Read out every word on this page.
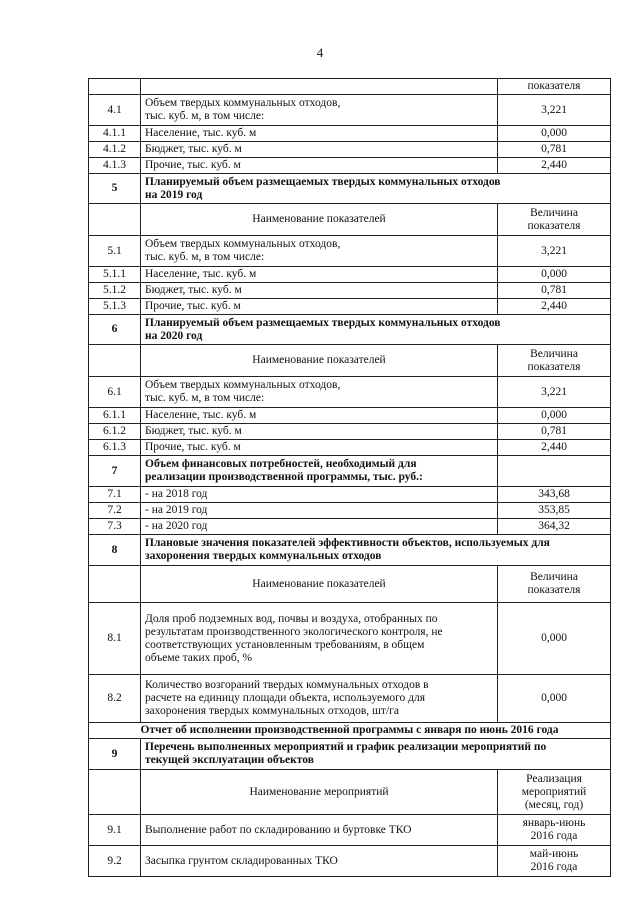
4
		показателя
4.1	Объем твердых коммунальных отходов,
тыс. куб. м, в том числе:	3,221
4.1.1	Население, тыс. куб. м	0,000
4.1.2	Бюджет, тыс. куб. м	0,781
4.1.3	Прочие, тыс. куб. м	2,440
5	Планируемый объем размещаемых твердых коммунальных отходов
на 2019 год	
	Наименование показателей	Величина
показателя
5.1	Объем твердых коммунальных отходов,
тыс. куб. м, в том числе:	3,221
5.1.1	Население, тыс. куб. м	0,000
5.1.2	Бюджет, тыс. куб. м	0,781
5.1.3	Прочие, тыс. куб. м	2,440
6	Планируемый объем размещаемых твердых коммунальных отходов
на 2020 год	
	Наименование показателей	Величина
показателя
6.1	Объем твердых коммунальных отходов,
тыс. куб. м, в том числе:	3,221
6.1.1	Население, тыс. куб. м	0,000
6.1.2	Бюджет, тыс. куб. м	0,781
6.1.3	Прочие, тыс. куб. м	2,440
7	Объем финансовых потребностей, необходимый для
реализации производственной программы, тыс. руб.:	
7.1	- на 2018 год	343,68
7.2	- на 2019 год	353,85
7.3	- на 2020 год	364,32
8	Плановые значения показателей эффективности объектов, используемых для
захоронения твердых коммунальных отходов	
	Наименование показателей	Величина
показателя
8.1	Доля проб подземных вод, почвы и воздуха, отобранных по
результатам производственного экологического контроля, не
соответствующих установленным требованиям, в общем
объеме таких проб, %	0,000
8.2	Количество возгораний твердых коммунальных отходов в
расчете на единицу площади объекта, используемого для
захоронения твердых коммунальных отходов, шт/га	0,000
Отчет об исполнении производственной программы с января по июнь 2016 года		
9	Перечень выполненных мероприятий и график реализации мероприятий по
текущей эксплуатации объектов	
	Наименование мероприятий	Реализация
мероприятий
(месяц, год)
9.1	Выполнение работ по складированию и буртовке ТКО	январь-июнь
2016 года
9.2	Засыпка грунтом складированных ТКО	май-июнь
2016 года
